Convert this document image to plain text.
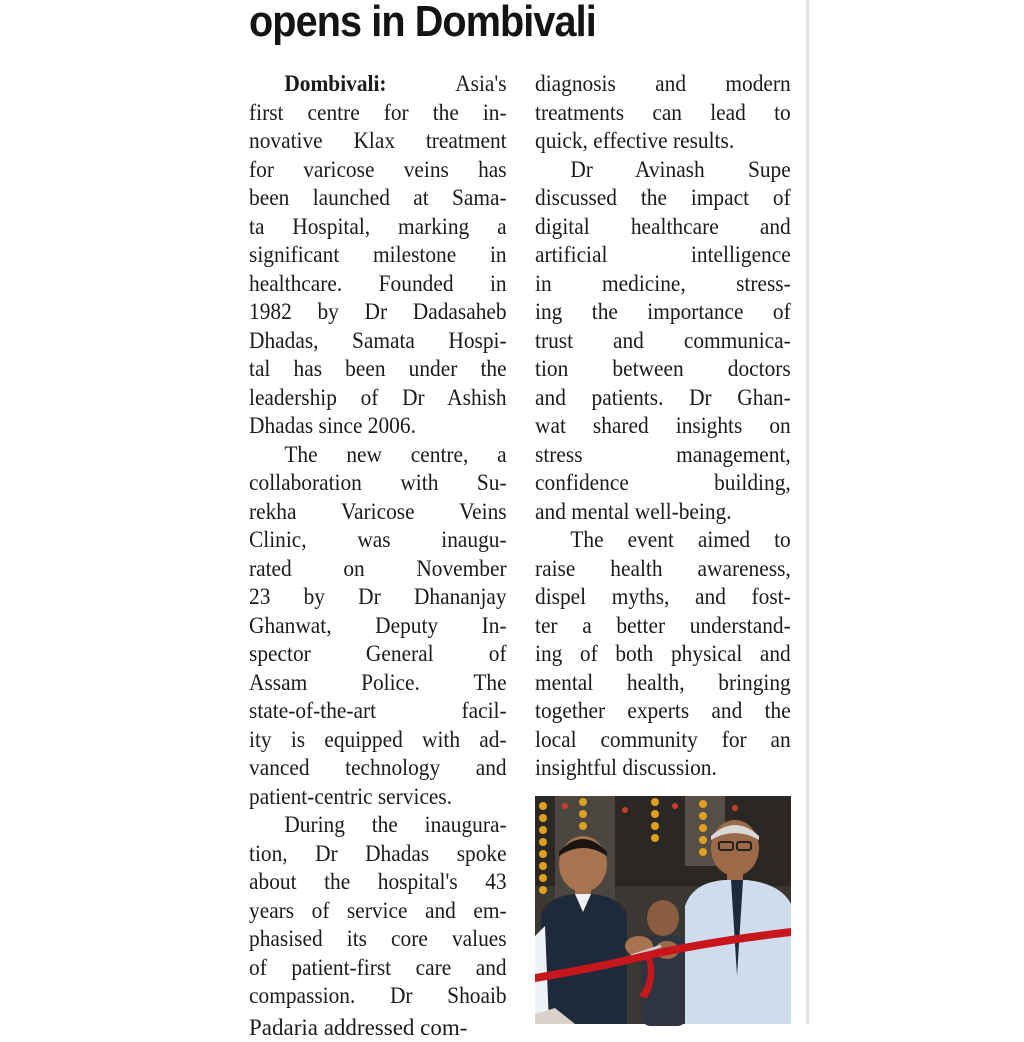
opens in Dombivali
Dombivali: Asia's
first centre for the in-
novative Klax treatment
for varicose veins has
been launched at Sama-
ta Hospital, marking a
significant milestone in
healthcare. Founded in
1982 by Dr Dadasaheb
Dhadas, Samata Hospi-
tal has been under the
leadership of Dr Ashish
Dhadas since 2006.
The new centre, a
collaboration with Su-
rekha Varicose Veins
Clinic, was inaugu-
rated on November
23 by Dr Dhananjay
Ghanwat, Deputy In-
spector General of
Assam Police. The
state-of-the-art facil-
ity is equipped with ad-
vanced technology and
patient-centric services.
During the inaugura-
tion, Dr Dhadas spoke
about the hospital's 43
years of service and em-
phasised its core values
of patient-first care and
compassion. Dr Shoaib
diagnosis and modern
treatments can lead to
quick, effective results.
Dr Avinash Supe
discussed the impact of
digital healthcare and
artificial intelligence
in medicine, stress-
ing the importance of
trust and communica-
tion between doctors
and patients. Dr Ghan-
wat shared insights on
stress management,
confidence building,
and mental well-being.
The event aimed to
raise health awareness,
dispel myths, and fost-
ter a better understand-
ing of both physical and
mental health, bringing
together experts and the
local community for an
insightful discussion.
Padaria addressed com-
